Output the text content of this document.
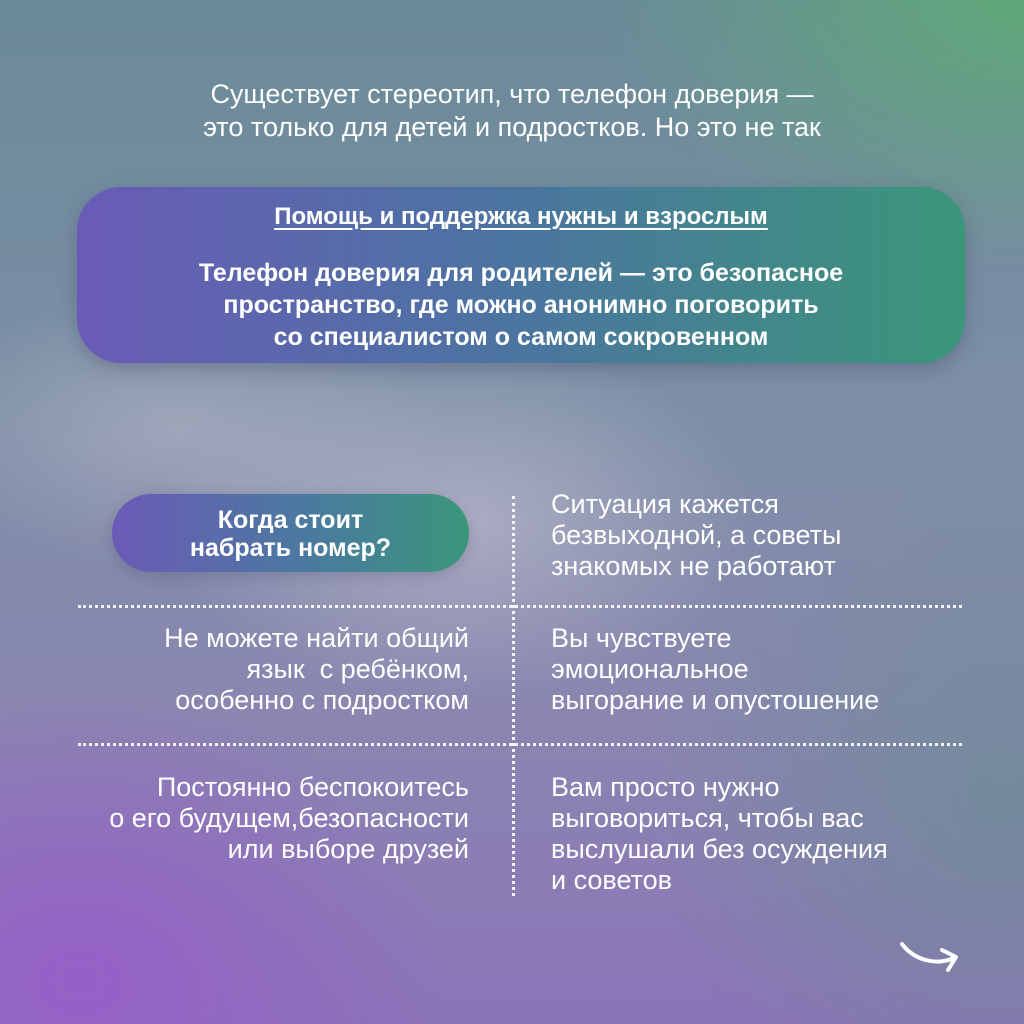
Существует стереотип, что телефон доверия —
это только для детей и подростков. Но это не так
Помощь и поддержка нужны и взрослым
Телефон доверия для родителей — это безопасное
пространство, где можно анонимно поговорить
со специалистом о самом сокровенном
Когда стоит
набрать номер?
Ситуация кажется
безвыходной, а советы
знакомых не работают
Не можете найти общий
язык  с ребёнком,
особенно с подростком
Вы чувствуете
эмоциональное
выгорание и опустошение
Постоянно беспокоитесь
о его будущем,безопасности
или выборе друзей
Вам просто нужно
выговориться, чтобы вас
выслушали без осуждения
и советов
